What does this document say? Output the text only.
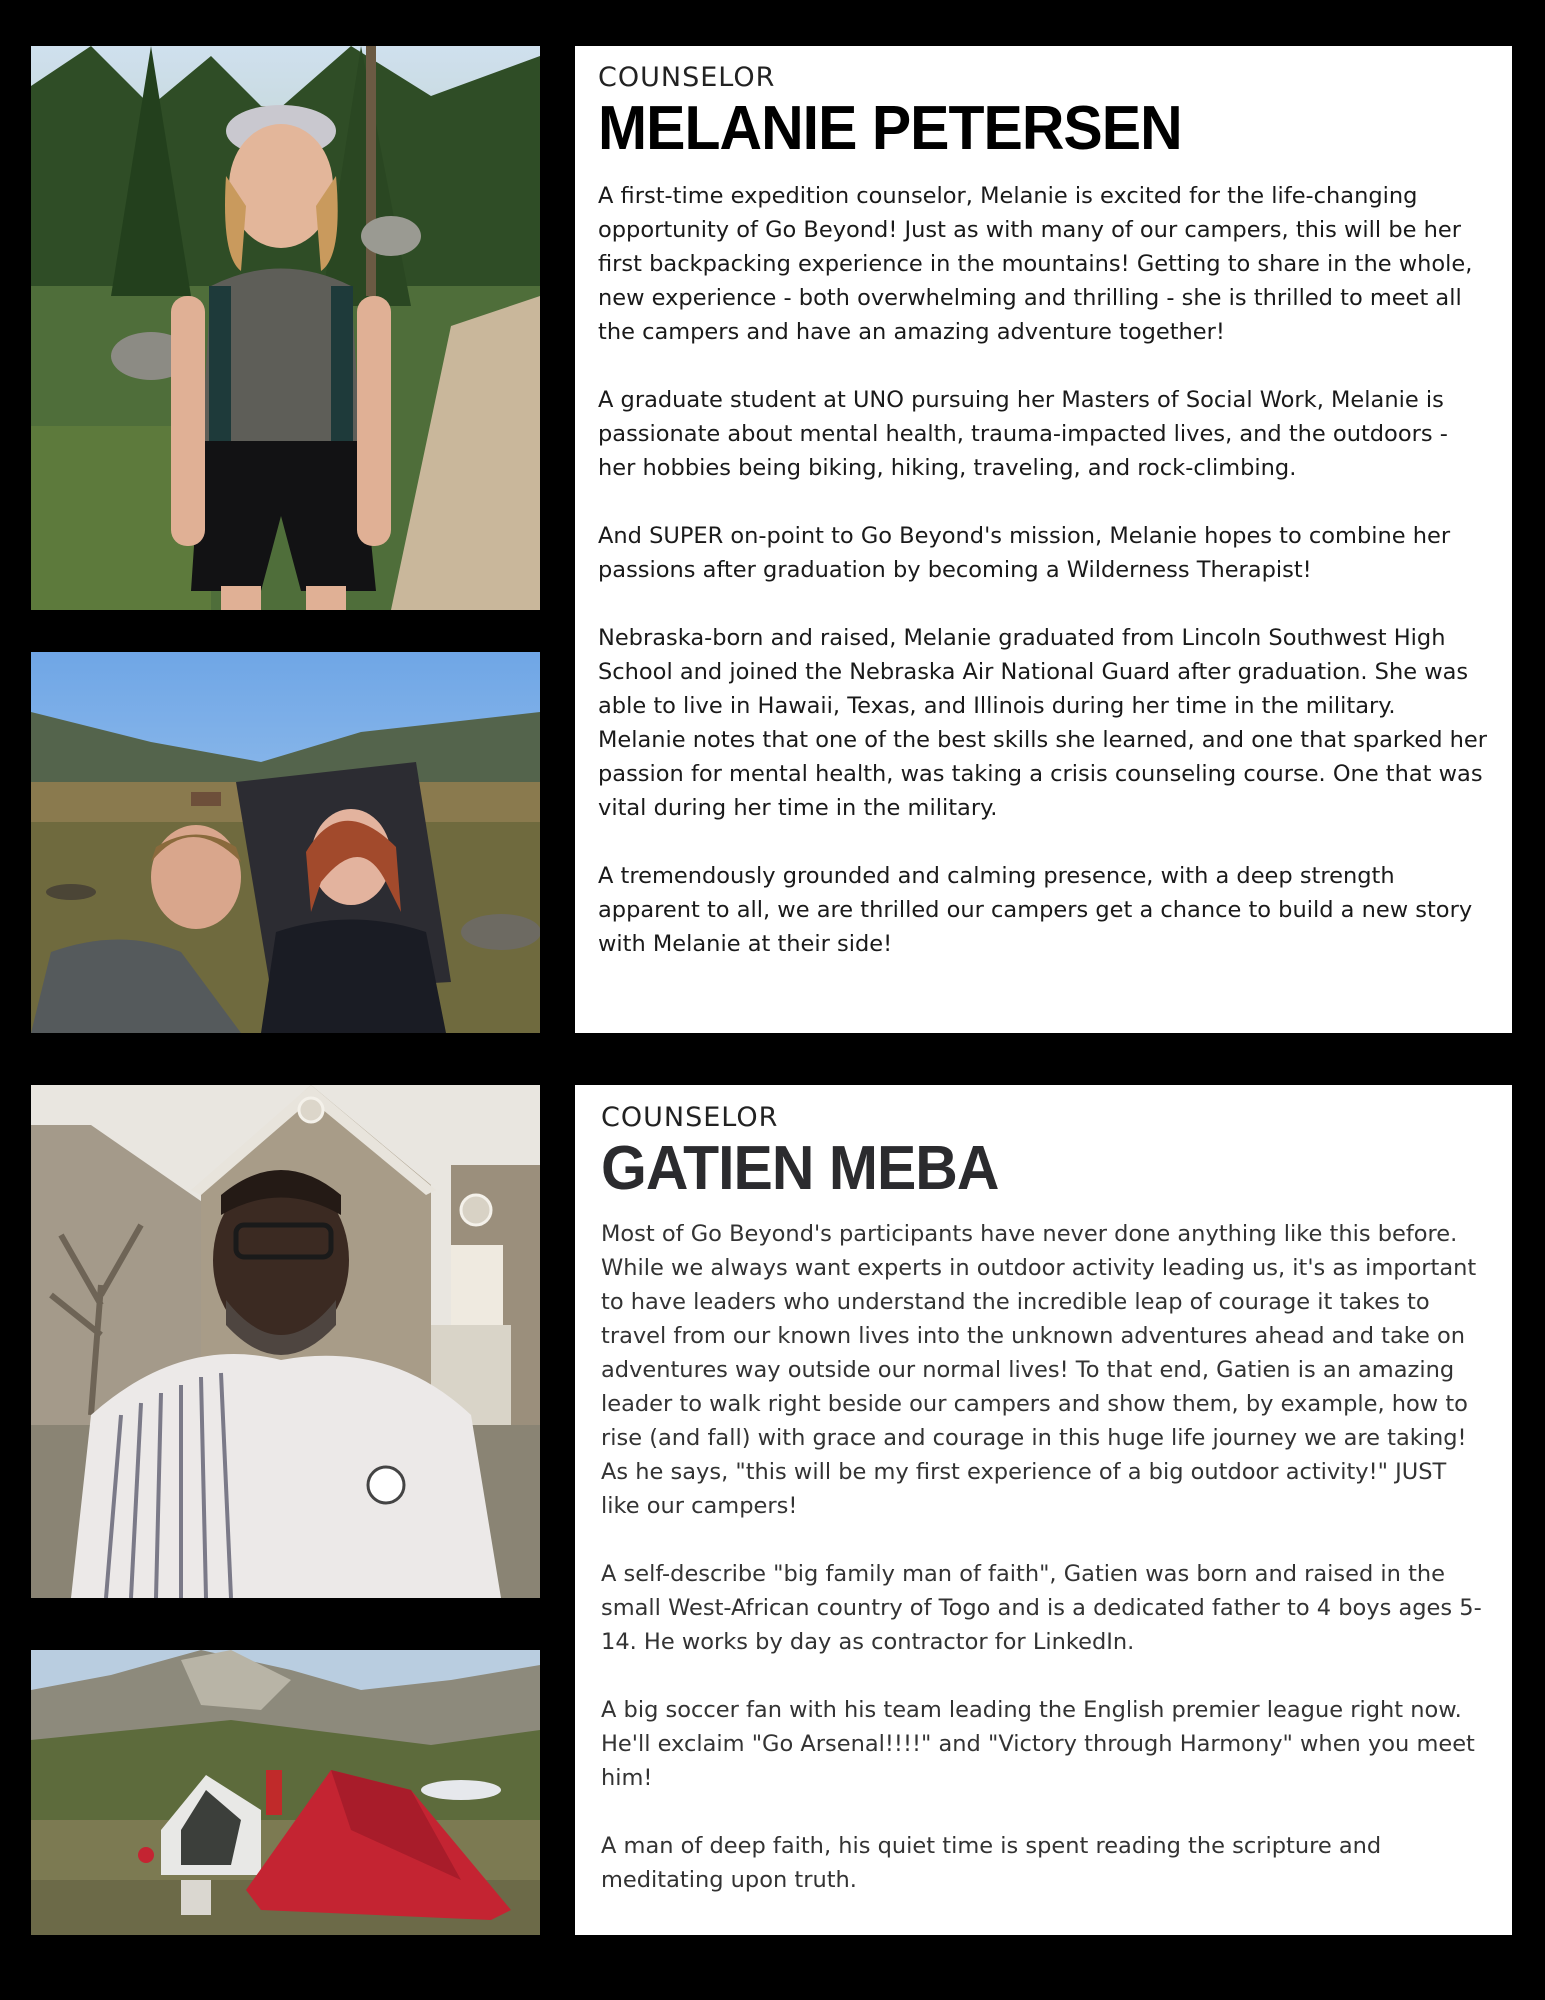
COUNSELOR

MELANIE PETERSEN

A first-time expedition counselor, Melanie is excited for the life-changing opportunity of Go Beyond! Just as with many of our campers, this will be her first backpacking experience in the mountains! Getting to share in the whole, new experience - both overwhelming and thrilling - she is thrilled to meet all the campers and have an amazing adventure together!

A graduate student at UNO pursuing her Masters of Social Work, Melanie is passionate about mental health, trauma-impacted lives, and the outdoors - her hobbies being biking, hiking, traveling, and rock-climbing.

And SUPER on-point to Go Beyond's mission, Melanie hopes to combine her passions after graduation by becoming a Wilderness Therapist!

Nebraska-born and raised, Melanie graduated from Lincoln Southwest High School and joined the Nebraska Air National Guard after graduation. She was able to live in Hawaii, Texas, and Illinois during her time in the military. Melanie notes that one of the best skills she learned, and one that sparked her passion for mental health, was taking a crisis counseling course. One that was vital during her time in the military.

A tremendously grounded and calming presence, with a deep strength apparent to all, we are thrilled our campers get a chance to build a new story with Melanie at their side!

COUNSELOR

GATIEN MEBA

Most of Go Beyond's participants have never done anything like this before. While we always want experts in outdoor activity leading us, it's as important to have leaders who understand the incredible leap of courage it takes to travel from our known lives into the unknown adventures ahead and take on adventures way outside our normal lives! To that end, Gatien is an amazing leader to walk right beside our campers and show them, by example, how to rise (and fall) with grace and courage in this huge life journey we are taking! As he says, "this will be my first experience of a big outdoor activity!" JUST like our campers!

A self-describe "big family man of faith", Gatien was born and raised in the small West-African country of Togo and is a dedicated father to 4 boys ages 5-14. He works by day as contractor for LinkedIn.

A big soccer fan with his team leading the English premier league right now. He'll exclaim "Go Arsenal!!!!" and "Victory through Harmony" when you meet him!

A man of deep faith, his quiet time is spent reading the scripture and meditating upon truth.
